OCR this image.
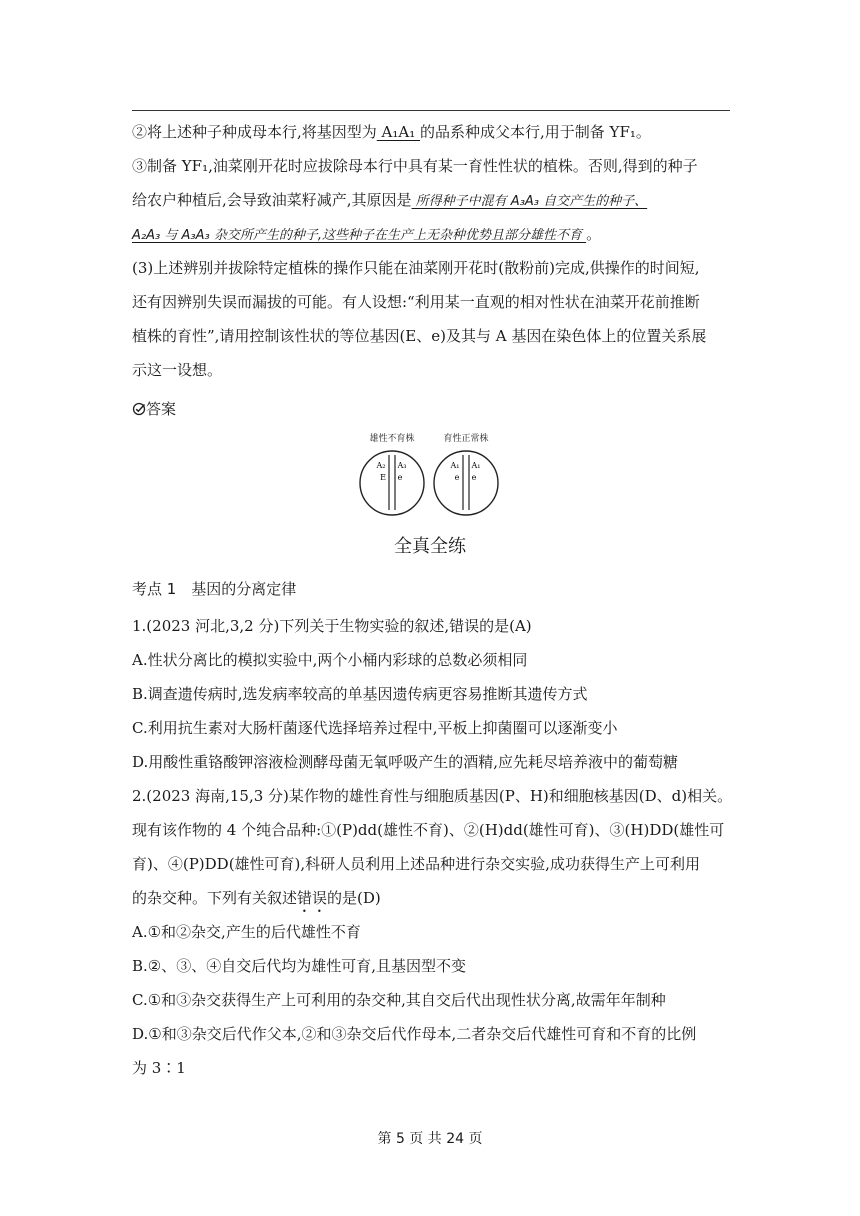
②将上述种子种成母本行,将基因型为 A₁A₁ 的品系种成父本行,用于制备 YF₁。
③制备 YF₁,油菜刚开花时应拔除母本行中具有某一育性性状的植株。否则,得到的种子
给农户种植后,会导致油菜籽减产,其原因是 所得种子中混有 A₃A₃ 自交产生的种子、
A₂A₃ 与 A₃A₃ 杂交所产生的种子,这些种子在生产上无杂种优势且部分雄性不育 。
(3)上述辨别并拔除特定植株的操作只能在油菜刚开花时(散粉前)完成,供操作的时间短,
还有因辨别失误而漏拔的可能。有人设想:“利用某一直观的相对性状在油菜开花前推断
植株的育性”,请用控制该性状的等位基因(E、e)及其与 A 基因在染色体上的位置关系展
示这一设想。
答案
雄性不育株	育性正常株
A₂ A₃
E e
A₁ A₁
e e
全真全练
考点 1　基因的分离定律
1.(2023 河北,3,2 分)下列关于生物实验的叙述,错误的是(A)
A.性状分离比的模拟实验中,两个小桶内彩球的总数必须相同
B.调查遗传病时,选发病率较高的单基因遗传病更容易推断其遗传方式
C.利用抗生素对大肠杆菌逐代选择培养过程中,平板上抑菌圈可以逐渐变小
D.用酸性重铬酸钾溶液检测酵母菌无氧呼吸产生的酒精,应先耗尽培养液中的葡萄糖
2.(2023 海南,15,3 分)某作物的雄性育性与细胞质基因(P、H)和细胞核基因(D、d)相关。
现有该作物的 4 个纯合品种:①(P)dd(雄性不育)、②(H)dd(雄性可育)、③(H)DD(雄性可
育)、④(P)DD(雄性可育),科研人员利用上述品种进行杂交实验,成功获得生产上可利用
的杂交种。下列有关叙述错误的是(D)
A.①和②杂交,产生的后代雄性不育
B.②、③、④自交后代均为雄性可育,且基因型不变
C.①和③杂交获得生产上可利用的杂交种,其自交后代出现性状分离,故需年年制种
D.①和③杂交后代作父本,②和③杂交后代作母本,二者杂交后代雄性可育和不育的比例
为 3∶1
第 5 页 共 24 页
